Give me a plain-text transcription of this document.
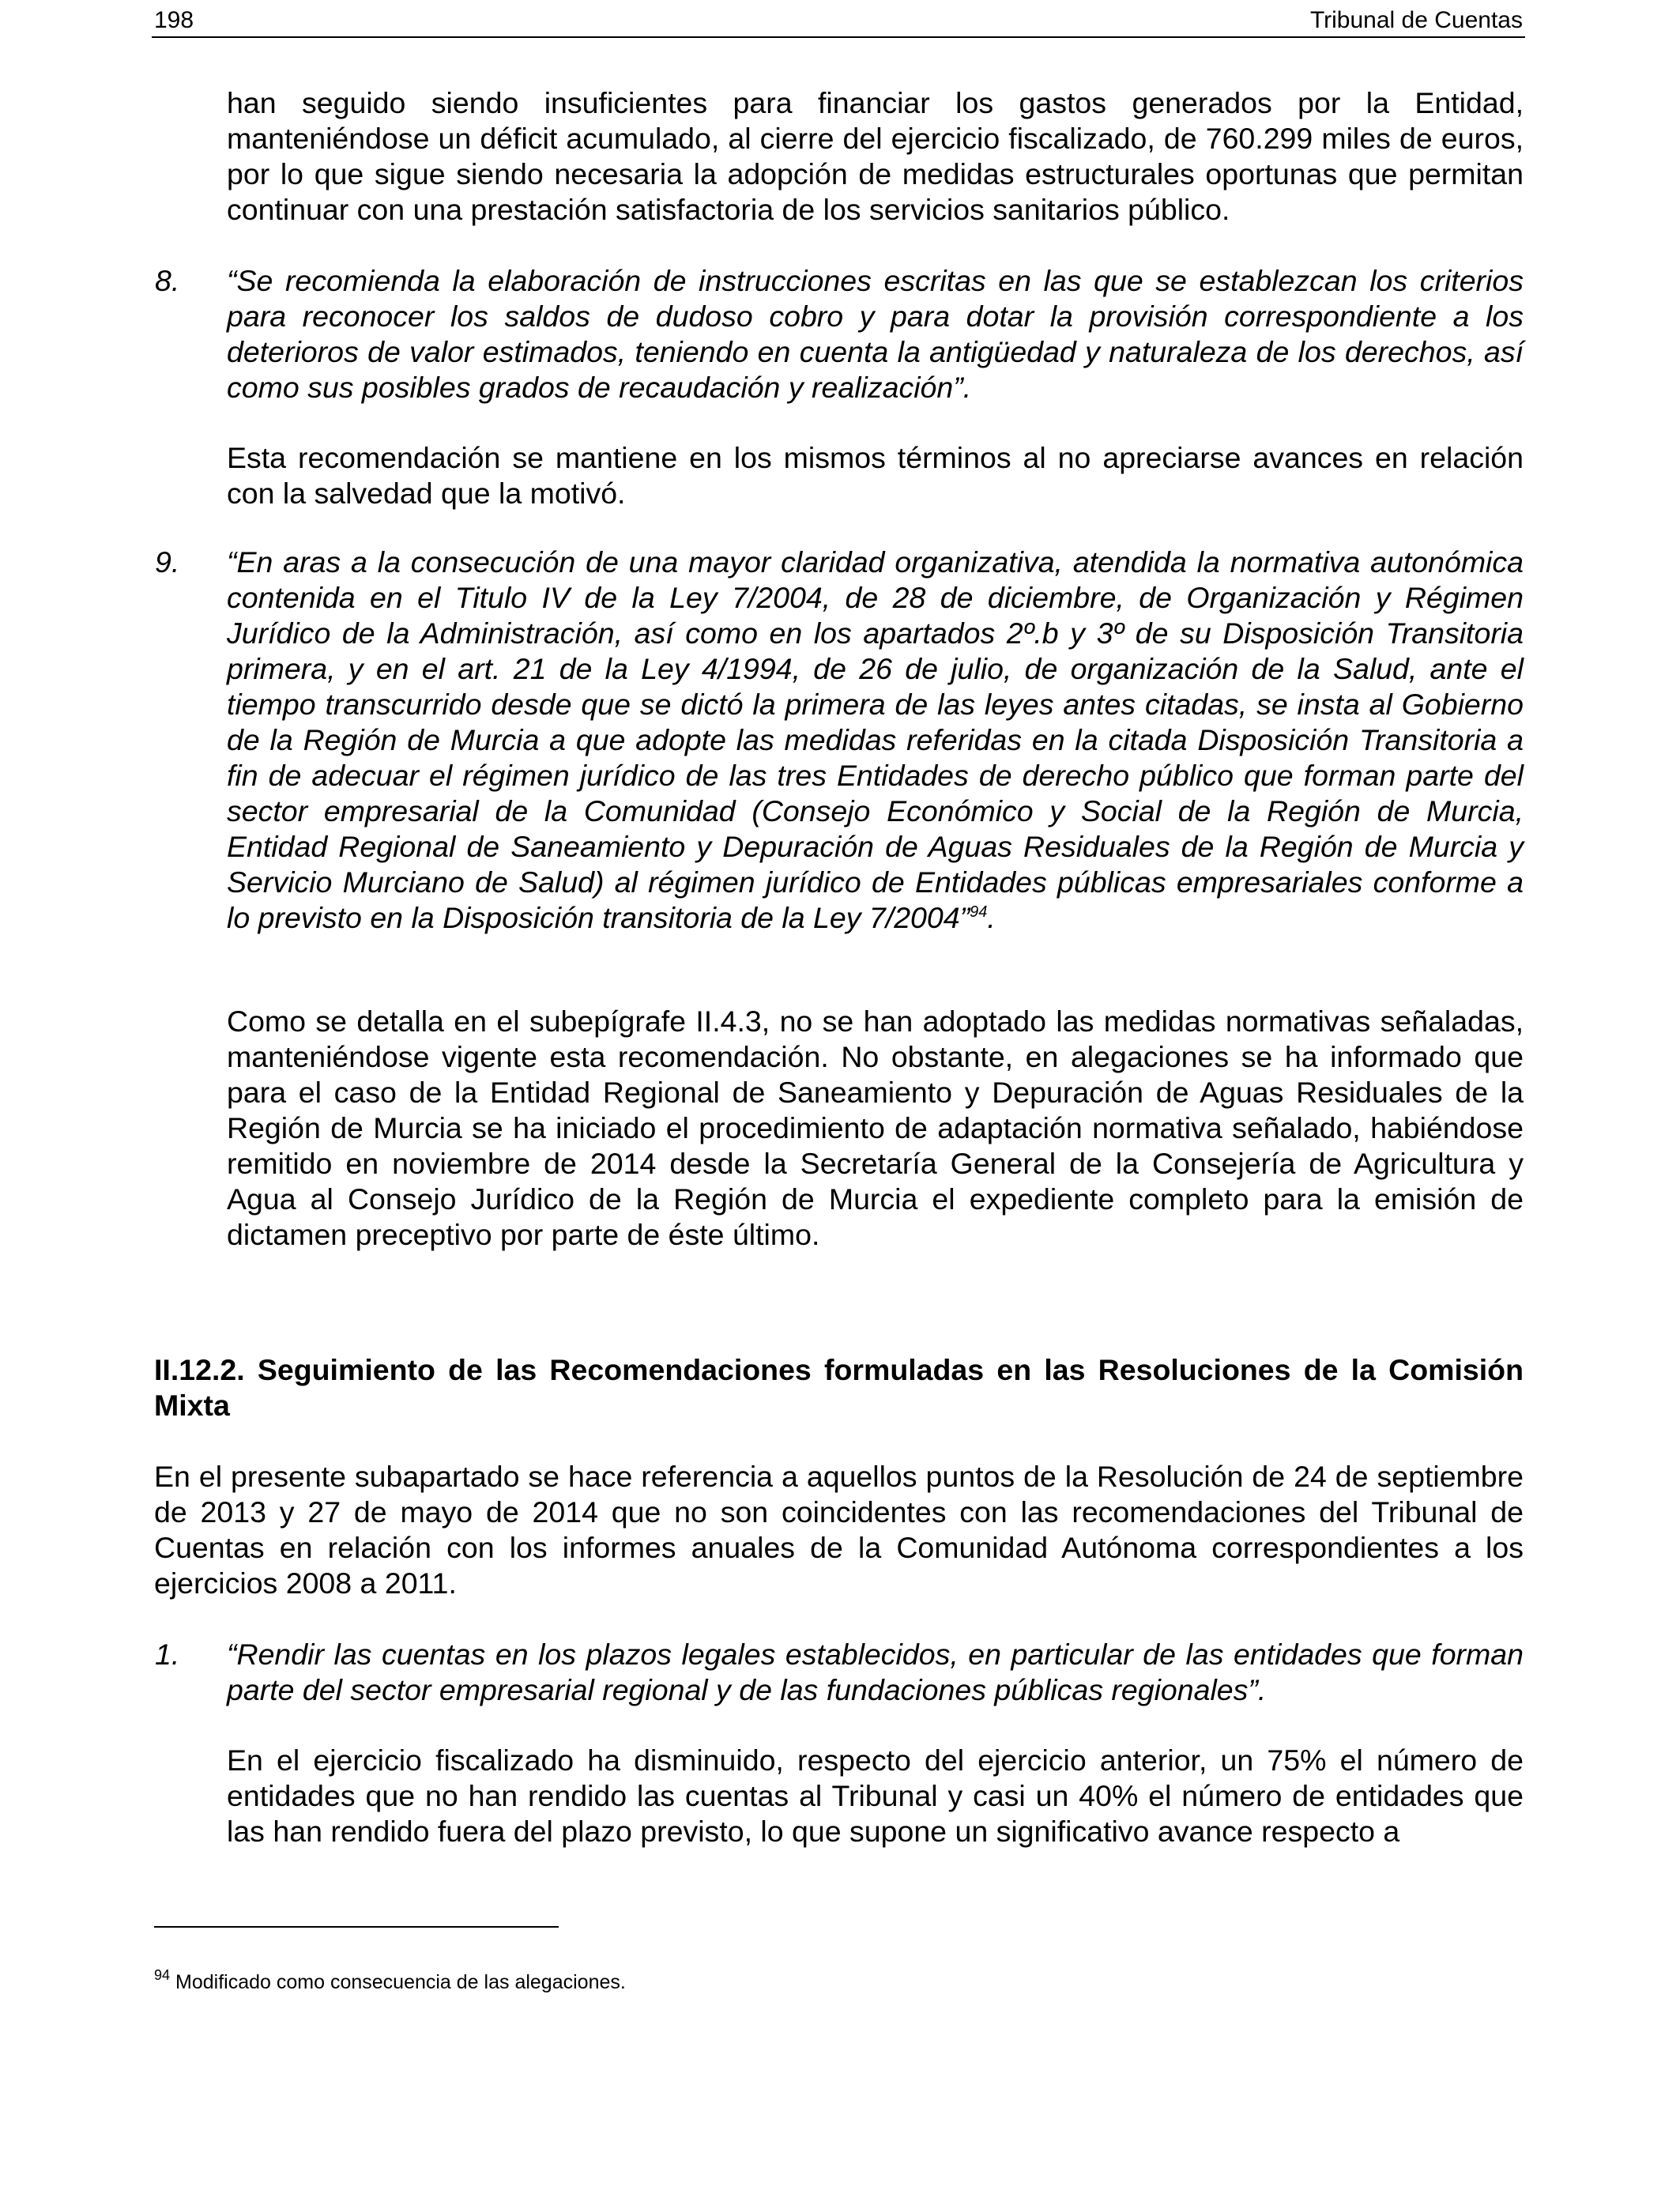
198	Tribunal de Cuentas

han seguido siendo insuficientes para financiar los gastos generados por la Entidad, manteniéndose un déficit acumulado, al cierre del ejercicio fiscalizado, de 760.299 miles de euros, por lo que sigue siendo necesaria la adopción de medidas estructurales oportunas que permitan continuar con una prestación satisfactoria de los servicios sanitarios público.

8. “Se recomienda la elaboración de instrucciones escritas en las que se establezcan los criterios para reconocer los saldos de dudoso cobro y para dotar la provisión correspondiente a los deterioros de valor estimados, teniendo en cuenta la antigüedad y naturaleza de los derechos, así como sus posibles grados de recaudación y realización”.

Esta recomendación se mantiene en los mismos términos al no apreciarse avances en relación con la salvedad que la motivó.

9. “En aras a la consecución de una mayor claridad organizativa, atendida la normativa autonómica contenida en el Titulo IV de la Ley 7/2004, de 28 de diciembre, de Organización y Régimen Jurídico de la Administración, así como en los apartados 2º.b y 3º de su Disposición Transitoria primera, y en el art. 21 de la Ley 4/1994, de 26 de julio, de organización de la Salud, ante el tiempo transcurrido desde que se dictó la primera de las leyes antes citadas, se insta al Gobierno de la Región de Murcia a que adopte las medidas referidas en la citada Disposición Transitoria a fin de adecuar el régimen jurídico de las tres Entidades de derecho público que forman parte del sector empresarial de la Comunidad (Consejo Económico y Social de la Región de Murcia, Entidad Regional de Saneamiento y Depuración de Aguas Residuales de la Región de Murcia y Servicio Murciano de Salud) al régimen jurídico de Entidades públicas empresariales conforme a lo previsto en la Disposición transitoria de la Ley 7/2004”$^{94}$.

Como se detalla en el subepígrafe II.4.3, no se han adoptado las medidas normativas señaladas, manteniéndose vigente esta recomendación. No obstante, en alegaciones se ha informado que para el caso de la Entidad Regional de Saneamiento y Depuración de Aguas Residuales de la Región de Murcia se ha iniciado el procedimiento de adaptación normativa señalado, habiéndose remitido en noviembre de 2014 desde la Secretaría General de la Consejería de Agricultura y Agua al Consejo Jurídico de la Región de Murcia el expediente completo para la emisión de dictamen preceptivo por parte de éste último.

II.12.2. Seguimiento de las Recomendaciones formuladas en las Resoluciones de la Comisión Mixta

En el presente subapartado se hace referencia a aquellos puntos de la Resolución de 24 de septiembre de 2013 y 27 de mayo de 2014 que no son coincidentes con las recomendaciones del Tribunal de Cuentas en relación con los informes anuales de la Comunidad Autónoma correspondientes a los ejercicios 2008 a 2011.

1. “Rendir las cuentas en los plazos legales establecidos, en particular de las entidades que forman parte del sector empresarial regional y de las fundaciones públicas regionales”.

En el ejercicio fiscalizado ha disminuido, respecto del ejercicio anterior, un 75% el número de entidades que no han rendido las cuentas al Tribunal y casi un 40% el número de entidades que las han rendido fuera del plazo previsto, lo que supone un significativo avance respecto a

$^{94}$ Modificado como consecuencia de las alegaciones.
